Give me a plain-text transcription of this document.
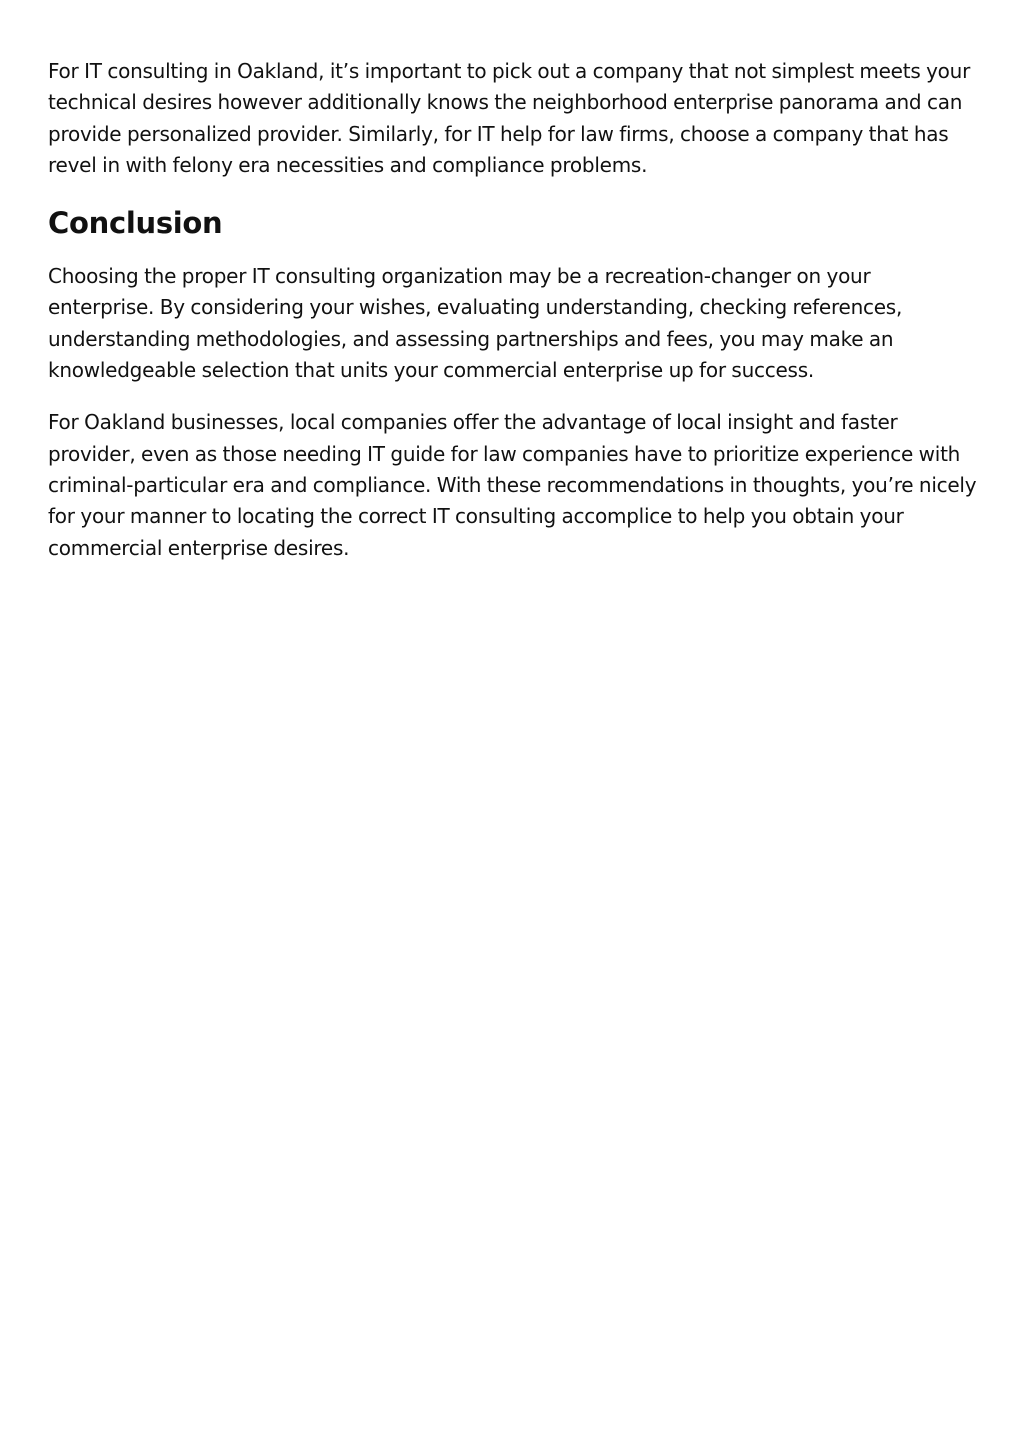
For IT consulting in Oakland, it’s important to pick out a company that not simplest meets your technical desires however additionally knows the neighborhood enterprise panorama and can provide personalized provider. Similarly, for IT help for law firms, choose a company that has revel in with felony era necessities and compliance problems.

Conclusion

Choosing the proper IT consulting organization may be a recreation-changer on your enterprise. By considering your wishes, evaluating understanding, checking references, understanding methodologies, and assessing partnerships and fees, you may make an knowledgeable selection that units your commercial enterprise up for success.

For Oakland businesses, local companies offer the advantage of local insight and faster provider, even as those needing IT guide for law companies have to prioritize experience with criminal-particular era and compliance. With these recommendations in thoughts, you’re nicely for your manner to locating the correct IT consulting accomplice to help you obtain your commercial enterprise desires.
